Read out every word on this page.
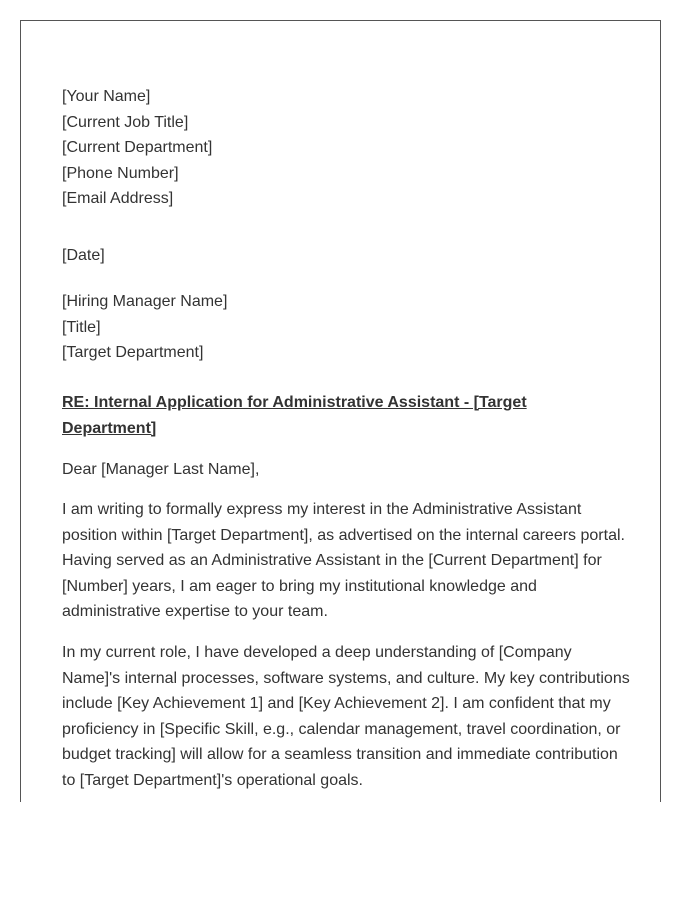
[Your Name]
[Current Job Title]
[Current Department]
[Phone Number]
[Email Address]
[Date]
[Hiring Manager Name]
[Title]
[Target Department]

RE: Internal Application for Administrative Assistant - [Target Department]

Dear [Manager Last Name],

I am writing to formally express my interest in the Administrative Assistant position within [Target Department], as advertised on the internal careers portal. Having served as an Administrative Assistant in the [Current Department] for [Number] years, I am eager to bring my institutional knowledge and administrative expertise to your team.

In my current role, I have developed a deep understanding of [Company Name]'s internal processes, software systems, and culture. My key contributions include [Key Achievement 1] and [Key Achievement 2]. I am confident that my proficiency in [Specific Skill, e.g., calendar management, travel coordination, or budget tracking] will allow for a seamless transition and immediate contribution to [Target Department]'s operational goals.
